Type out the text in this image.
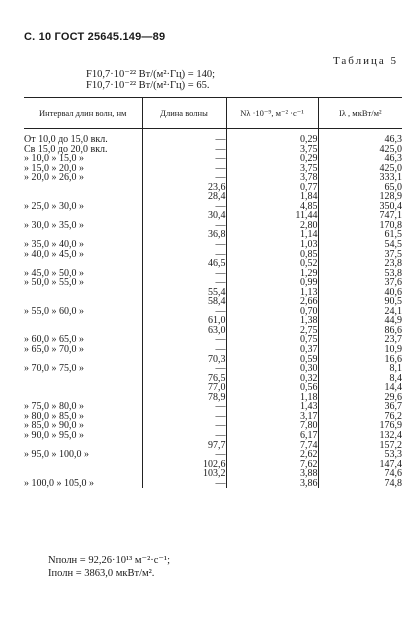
С. 10 ГОСТ 25645.149—89
Таблица 5
F10,7·10⁻²² Вт/(м²·Гц) = 140;
F10,7·10⁻²² Вт/(м²·Гц) = 65.
Интервал длин волн, нм	Длина волны	Nλ ·10⁻⁹, м⁻² ·с⁻¹	Iλ , мкВт/м²

От 10,0 до 15,0 вкл.	—	0,29	46,3
Св 15,0 до 20,0 вкл.	—	3,75	425,0
» 10,0 » 15,0 »	—	0,29	46,3
» 15,0 » 20,0 »	—	3,75	425,0
» 20,0 » 26,0 »	—	3,78	333,1
	23,6	0,77	65,0
	28,4	1,84	128,9
» 25,0 » 30,0 »	—	4,85	350,4
	30,4	11,44	747,1
» 30,0 » 35,0 »	—	2,80	170,8
	36,8	1,14	61,5
» 35,0 » 40,0 »	—	1,03	54,5
» 40,0 » 45,0 »	—	0,85	37,5
	46,5	0,52	23,8
» 45,0 » 50,0 »	—	1,29	53,8
» 50,0 » 55,0 »	—	0,99	37,6
	55,4	1,13	40,6
	58,4	2,66	90,5
» 55,0 » 60,0 »	—	0,70	24,1
	61,0	1,38	44,9
	63,0	2,75	86,6
» 60,0 » 65,0 »	—	0,75	23,7
» 65,0 » 70,0 »	—	0,37	10,9
	70,3	0,59	16,6
» 70,0 » 75,0 »	—	0,30	8,1
	76,5	0,32	8,4
	77,0	0,56	14,4
	78,9	1,18	29,6
» 75,0 » 80,0 »	—	1,43	36,7
» 80,0 » 85,0 »	—	3,17	76,2
» 85,0 » 90,0 »	—	7,80	176,9
» 90,0 » 95,0 »	—	6,17	132,4
	97,7	7,74	157,2
» 95,0 » 100,0 »	—	2,62	53,3
	102,6	7,62	147,4
	103,2	3,88	74,6
» 100,0 » 105,0 »	—	3,86	74,8
Nполн = 92,26·10¹³ м⁻²·с⁻¹;
Iполн = 3863,0 мкВт/м².
